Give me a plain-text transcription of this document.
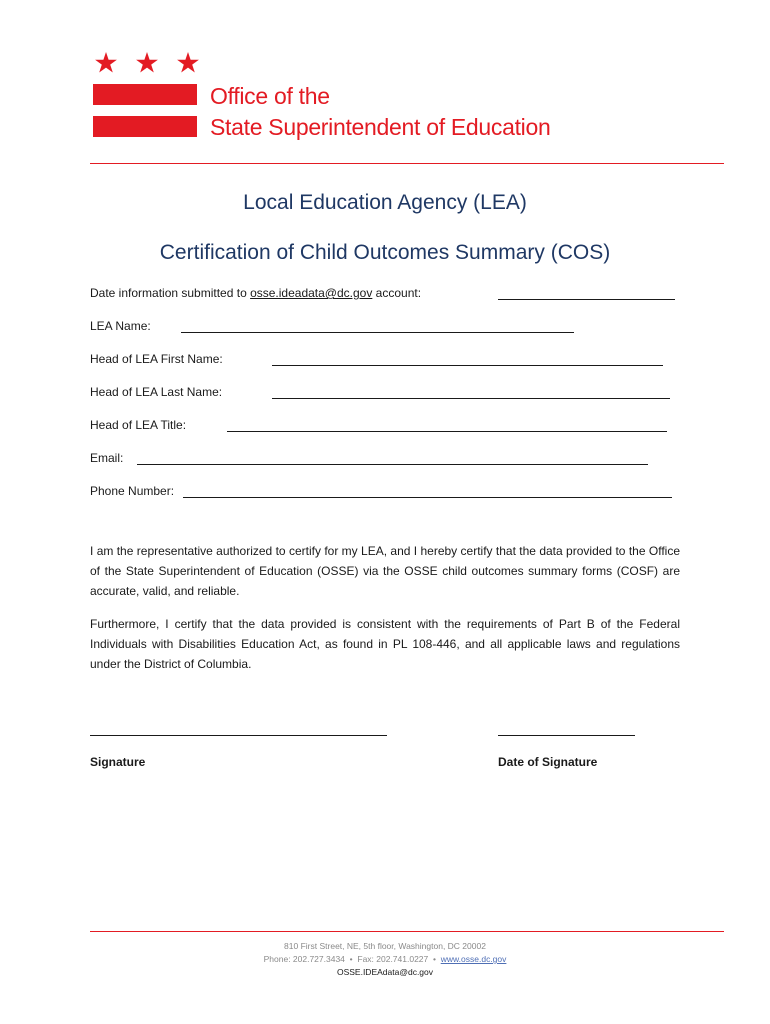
Office of the
State Superintendent of Education
Local Education Agency (LEA)
Certification of Child Outcomes Summary (COS)
Date information submitted to osse.ideadata@dc.gov account:
LEA Name:
Head of LEA First Name:
Head of LEA Last Name:
Head of LEA Title:
Email:
Phone Number:
I am the representative authorized to certify for my LEA, and I hereby certify that the data provided to the Office of the State Superintendent of Education (OSSE) via the OSSE child outcomes summary forms (COSF) are accurate, valid, and reliable.
Furthermore, I certify that the data provided is consistent with the requirements of Part B of the Federal Individuals with Disabilities Education Act, as found in PL 108-446, and all applicable laws and regulations under the District of Columbia.
Signature	Date of Signature
810 First Street, NE, 5th floor, Washington, DC 20002
Phone: 202.727.3434 • Fax: 202.741.0227 • www.osse.dc.gov
OSSE.IDEAdata@dc.gov
